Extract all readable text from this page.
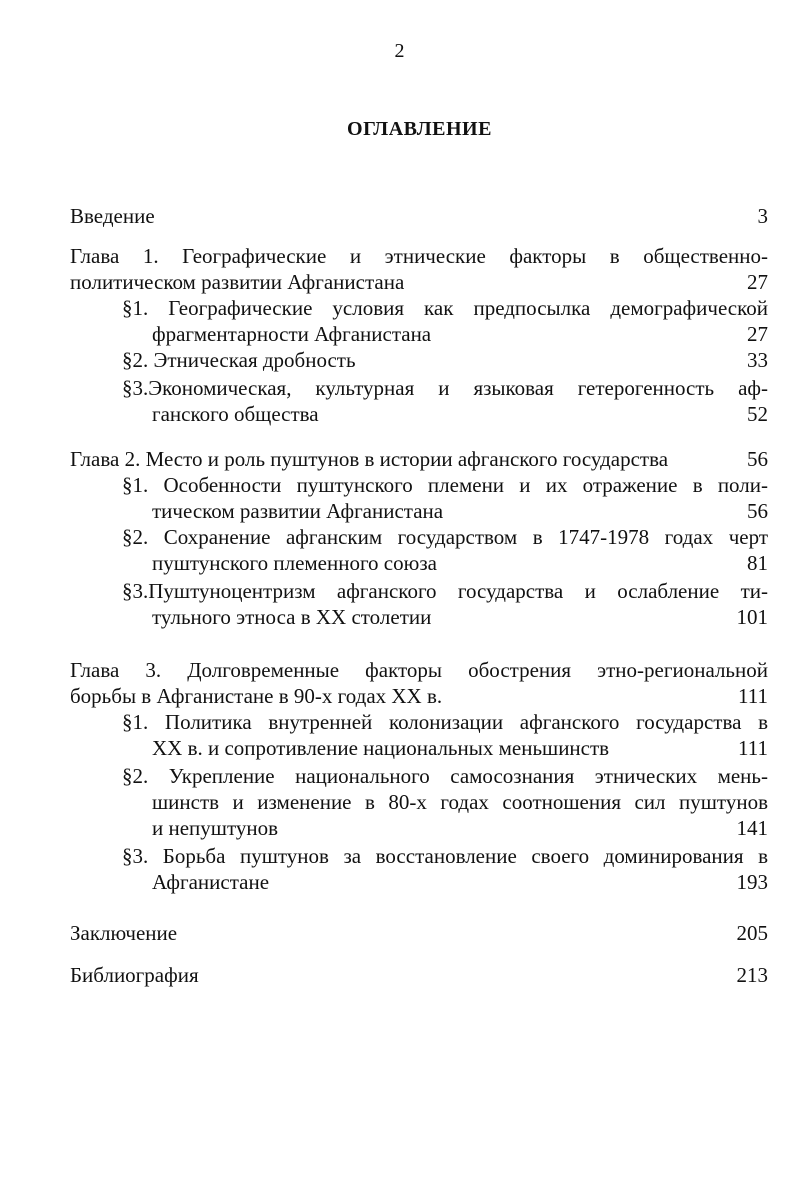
2
ОГЛАВЛЕНИЕ
Введение	3
Глава 1. Географические и этнические факторы в общественно-
политическом развитии Афганистана	27
§1. Географические условия как предпосылка демографической
фрагментарности Афганистана	27
§2. Этническая дробность	33
§3.Экономическая, культурная и языковая гетерогенность аф-
ганского общества	52
Глава 2. Место и роль пуштунов в истории афганского государства	56
§1. Особенности пуштунского племени и их отражение в поли-
тическом развитии Афганистана	56
§2. Сохранение афганским государством в 1747-1978 годах черт
пуштунского племенного союза	81
§3.Пуштуноцентризм афганского государства и ослабление ти-
тульного этноса в XX столетии	101
Глава 3. Долговременные факторы обострения этно-региональной
борьбы в Афганистане в 90-х годах XX в.	111
§1. Политика внутренней колонизации афганского государства в
XX в. и сопротивление национальных меньшинств	111
§2. Укрепление национального самосознания этнических мень-
шинств и изменение в 80-х годах соотношения сил пуштунов
и непуштунов	141
§3. Борьба пуштунов за восстановление своего доминирования в
Афганистане	193
Заключение	205
Библиография	213
